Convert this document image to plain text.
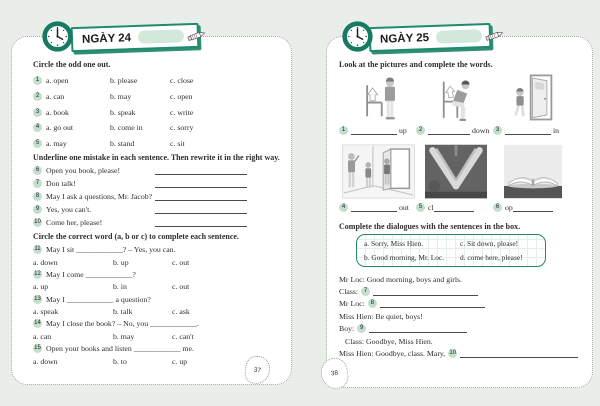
NGÀY 24

Circle the odd one out.

1 a. open	b. please	c. close
2 a. can	b. may	c. open
3 a. book	b. speak	c. write
4 a. go out	b. come in	c. sorry
5 a. may	b. stand	c. sit

Underline one mistake in each sentence. Then rewrite it in the right way.

6 Open you book, please!
7 Don talk!
8 May I ask a questions, Mr. Jacob?
9 Yes, you can't.
10 Come her, please!

Circle the correct word (a, b or c) to complete each sentence.

11 May I sit ____________? – Yes, you can.
a. down	b. up	c. out
12 May I come ____________?
a. up	b. in	c. out
13 May I ____________ a question?
a. speak	b. talk	c. ask
14 May I close the book? – No, you ____________.
a. can	b. may	c. can't
15 Open your books and listen ____________ me.
a. down	b. to	c. up
37
NGÀY 25

Look at the pictures and complete the words.

1	up	2	down	3	in
4	out	5 cl	6 op

Complete the dialogues with the sentences in the box.

a. Sorry, Miss Hien.
b. Good morning, Mr. Loc.
c. Sit down, please!
d. come here, please!
Mr Loc: Good morning, boys and girls.
Class: 7
Mr Loc: 8
Miss Hien: Be quiet, boys!
Boy: 9
Class: Goodbye, Miss Hien.
Miss Hien: Goodbye, class. Mary, 10
38
